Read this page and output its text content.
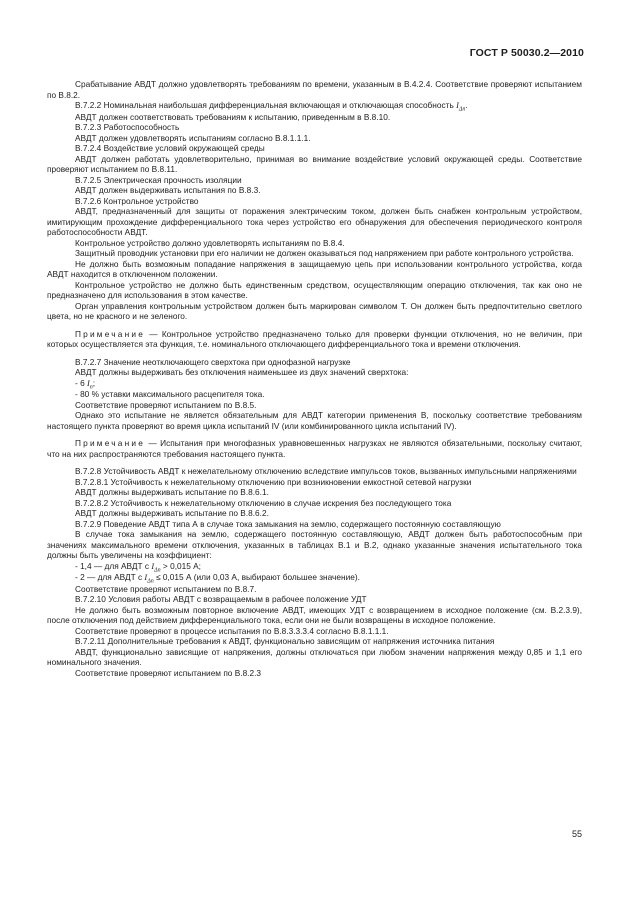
ГОСТ Р 50030.2—2010

Срабатывание АВДТ должно удовлетворять требованиям по времени, указанным в В.4.2.4. Соответствие проверяют испытанием по В.8.2.

В.7.2.2 Номинальная наибольшая дифференциальная включающая и отключающая способность $I_{\Delta n}$.

АВДТ должен соответствовать требованиям к испытанию, приведенным в В.8.10.

В.7.2.3 Работоспособность

АВДТ должен удовлетворять испытаниям согласно В.8.1.1.1.

В.7.2.4 Воздействие условий окружающей среды

АВДТ должен работать удовлетворительно, принимая во внимание воздействие условий окружающей среды. Соответствие проверяют испытанием по В.8.11.

В.7.2.5 Электрическая прочность изоляции

АВДТ должен выдерживать испытания по В.8.3.

В.7.2.6 Контрольное устройство

АВДТ, предназначенный для защиты от поражения электрическим током, должен быть снабжен контрольным устройством, имитирующим прохождение дифференциального тока через устройство его обнаружения для обеспечения периодического контроля работоспособности АВДТ.

Контрольное устройство должно удовлетворять испытаниям по В.8.4.

Защитный проводник установки при его наличии не должен оказываться под напряжением при работе контрольного устройства.

Не должно быть возможным попадание напряжения в защищаемую цепь при использовании контрольного устройства, когда АВДТ находится в отключенном положении.

Контрольное устройство не должно быть единственным средством, осуществляющим операцию отключения, так как оно не предназначено для использования в этом качестве.

Орган управления контрольным устройством должен быть маркирован символом Т. Он должен быть предпочтительно светлого цвета, но не красного и не зеленого.

Примечание — Контрольное устройство предназначено только для проверки функции отключения, но не величин, при которых осуществляется эта функция, т.е. номинального отключающего дифференциального тока и времени отключения.

В.7.2.7 Значение неотключающего сверхтока при однофазной нагрузке

АВДТ должны выдерживать без отключения наименьшее из двух значений сверхтока:

- 6 $I_n$;

- 80 % уставки максимального расцепителя тока.

Соответствие проверяют испытанием по В.8.5.

Однако это испытание не является обязательным для АВДТ категории применения В, поскольку соответствие требованиям настоящего пункта проверяют во время цикла испытаний IV (или комбинированного цикла испытаний IV).

Примечание — Испытания при многофазных уравновешенных нагрузках не являются обязательными, поскольку считают, что на них распространяются требования настоящего пункта.

В.7.2.8 Устойчивость АВДТ к нежелательному отключению вследствие импульсов токов, вызванных импульсными напряжениями

В.7.2.8.1 Устойчивость к нежелательному отключению при возникновении емкостной сетевой нагрузки

АВДТ должны выдерживать испытание по В.8.6.1.

В.7.2.8.2 Устойчивость к нежелательному отключению в случае искрения без последующего тока

АВДТ должны выдерживать испытание по В.8.6.2.

В.7.2.9 Поведение АВДТ типа А в случае тока замыкания на землю, содержащего постоянную составляющую

В случае тока замыкания на землю, содержащего постоянную составляющую, АВДТ должен быть работоспособным при значениях максимального времени отключения, указанных в таблицах В.1 и В.2, однако указанные значения испытательного тока должны быть увеличены на коэффициент:

- 1,4 — для АВДТ с $I_{\Delta n} > 0,015$ А;

- 2 — для АВДТ с $I_{\Delta n} \le 0,015$ А (или 0,03 А, выбирают большее значение).

Соответствие проверяют испытанием по В.8.7.

В.7.2.10 Условия работы АВДТ с возвращаемым в рабочее положение УДТ

Не должно быть возможным повторное включение АВДТ, имеющих УДТ с возвращением в исходное положение (см. В.2.3.9), после отключения под действием дифференциального тока, если они не были возвращены в исходное положение.

Соответствие проверяют в процессе испытания по В.8.3.3.3.4 согласно В.8.1.1.1.

В.7.2.11 Дополнительные требования к АВДТ, функционально зависящим от напряжения источника питания

АВДТ, функционально зависящие от напряжения, должны отключаться при любом значении напряжения между 0,85 и 1,1 его номинального значения.

Соответствие проверяют испытанием по В.8.2.3

55
